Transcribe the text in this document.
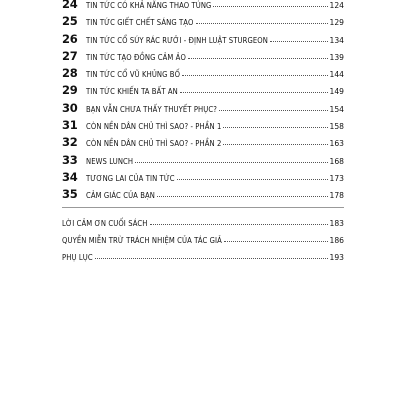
24	TIN TỨC CÓ KHẢ NĂNG THAO TÚNG	124
25	TIN TỨC GIẾT CHẾT SÁNG TẠO	129
26	TIN TỨC CỔ SÚY RÁC RƯỞI - ĐỊNH LUẬT STURGEON	134
27	TIN TỨC TẠO ĐỒNG CẢM ẢO	139
28	TIN TỨC CỔ VŨ KHỦNG BỐ	144
29	TIN TỨC KHIẾN TA BẤT AN	149
30	BẠN VẪN CHƯA THẤY THUYẾT PHỤC?	154
31	CÒN NỀN DÂN CHỦ THÌ SAO? - PHẦN 1	158
32	CÒN NỀN DÂN CHỦ THÌ SAO? - PHẦN 2	163
33	NEWS LUNCH	168
34	TƯƠNG LAI CỦA TIN TỨC	173
35	CẢM GIÁC CỦA BẠN	178
LỜI CẢM ƠN CUỐI SÁCH	183
QUYỀN MIỄN TRỪ TRÁCH NHIỆM CỦA TÁC GIẢ	186
PHỤ LỤC	193
